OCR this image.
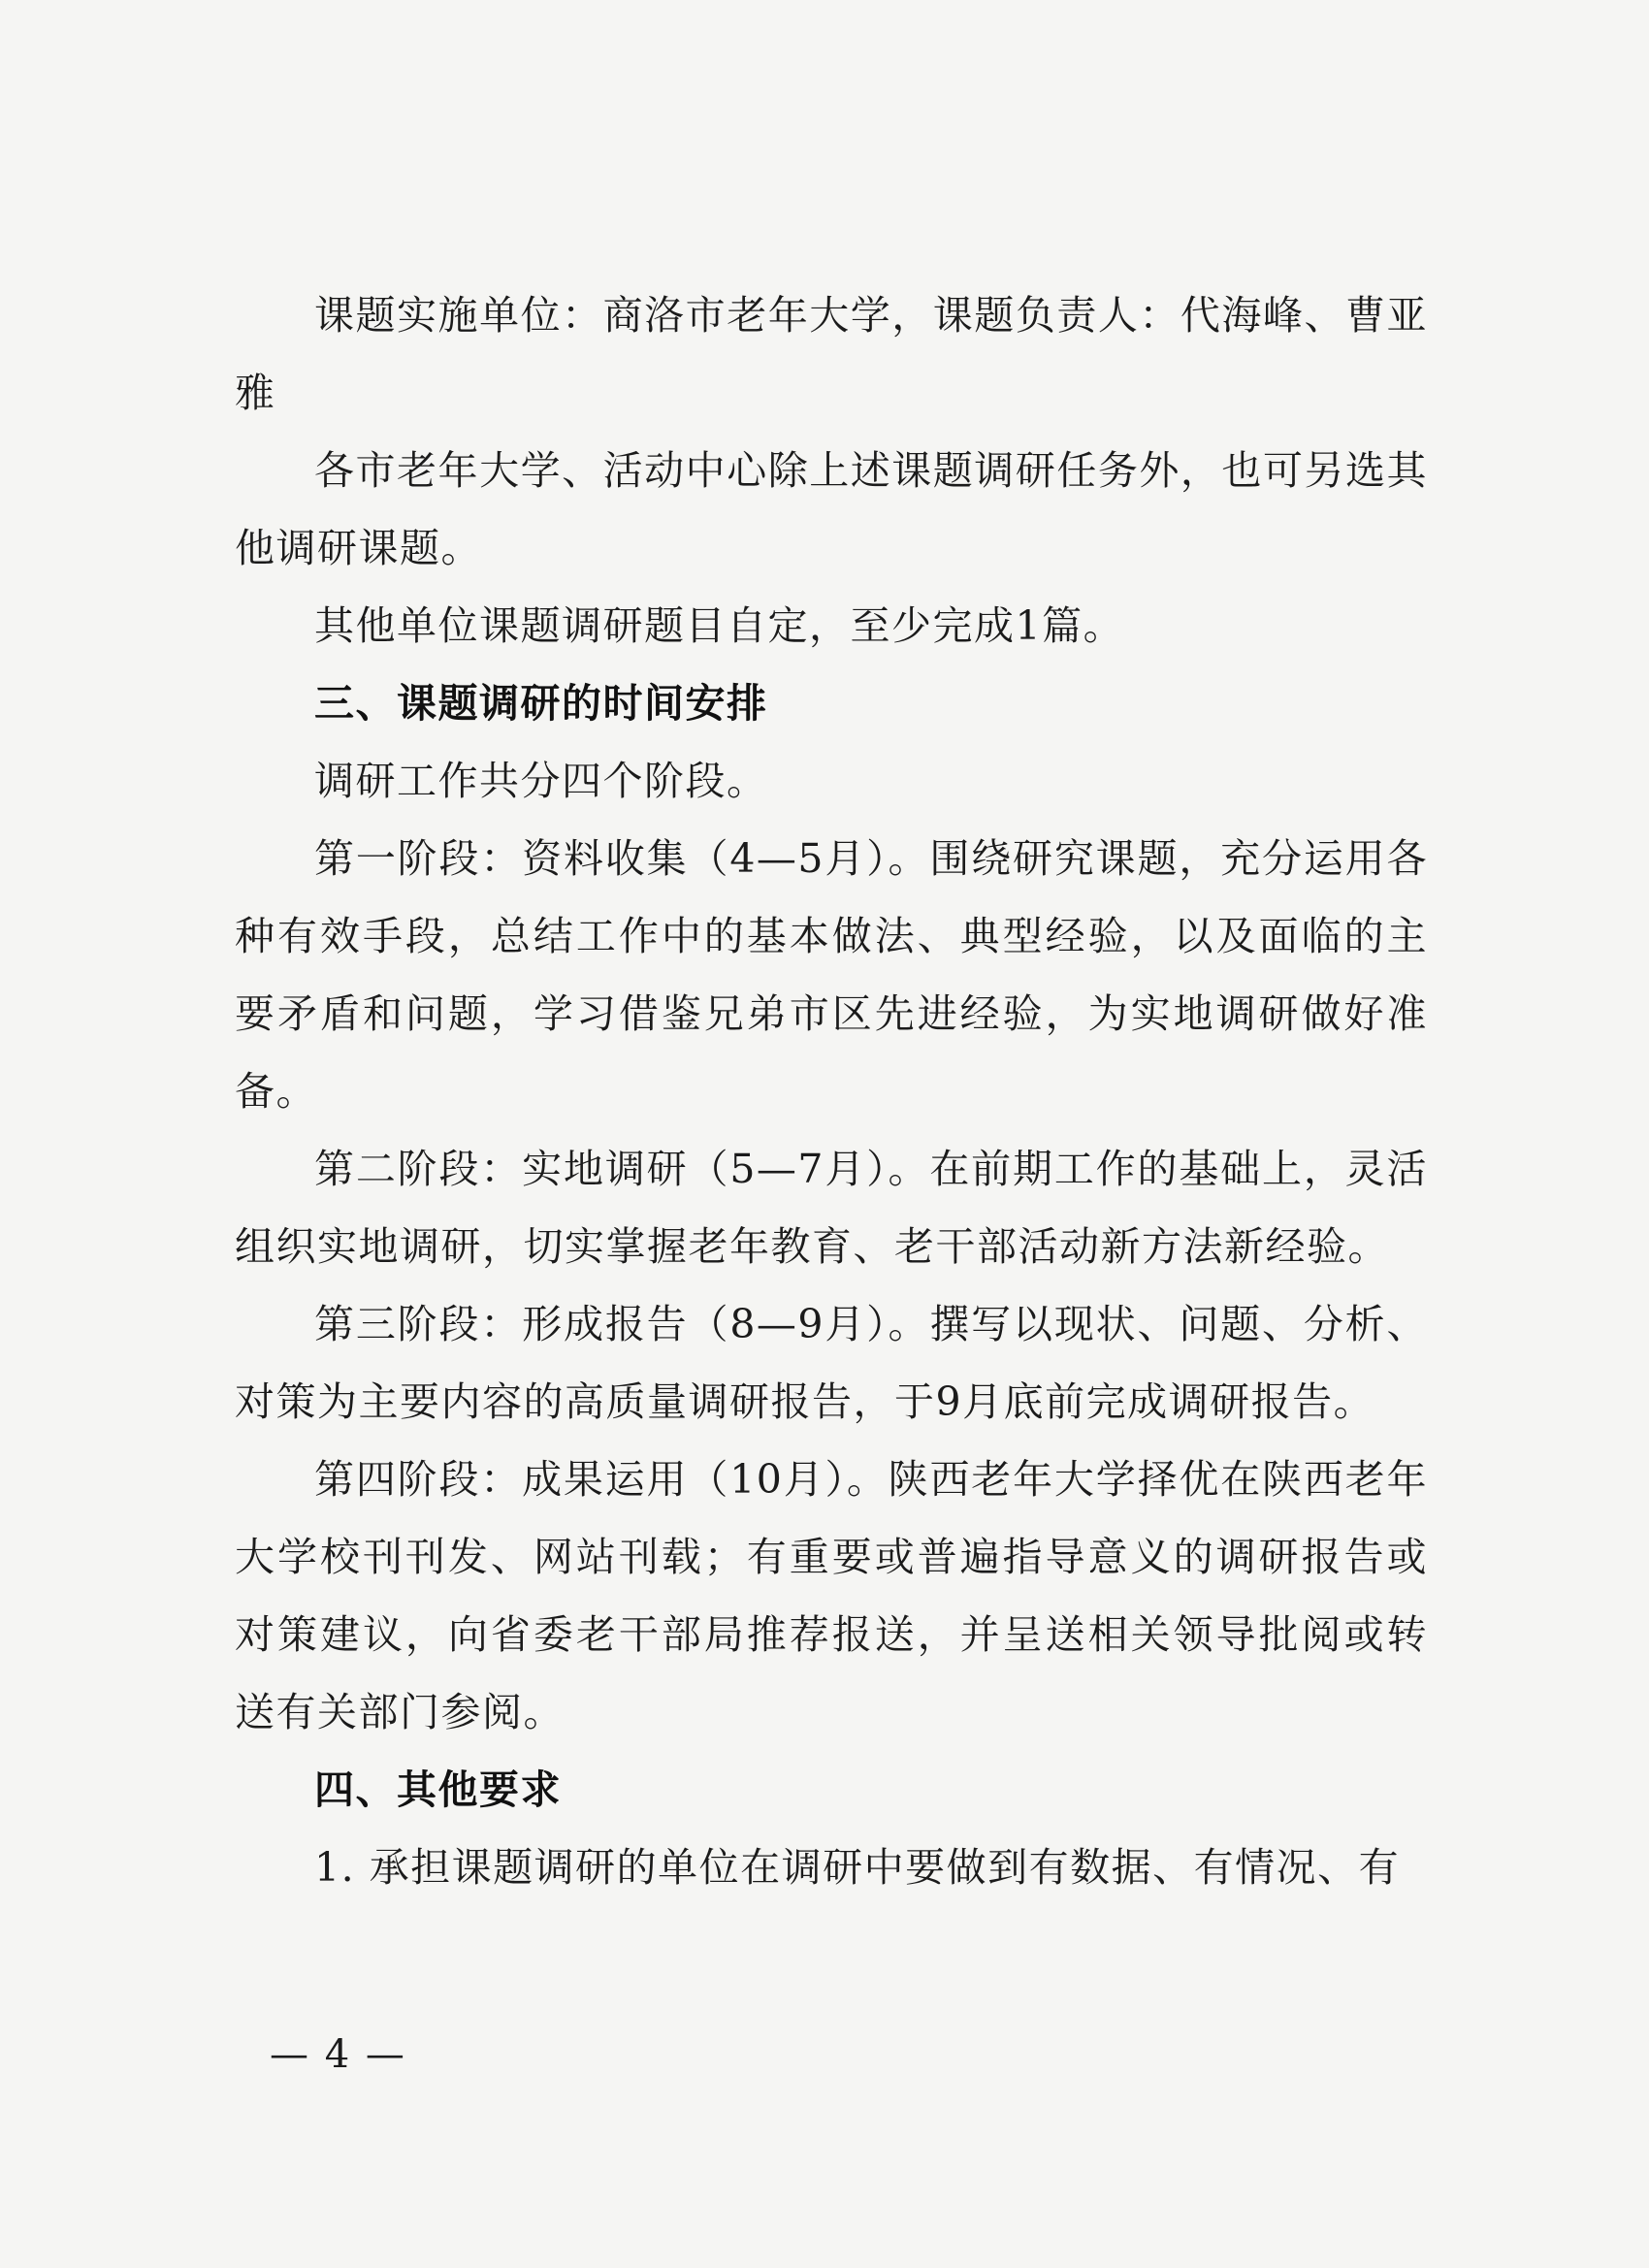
课题实施单位：商洛市老年大学，课题负责人：代海峰、曹亚雅

各市老年大学、活动中心除上述课题调研任务外，也可另选其他调研课题。

其他单位课题调研题目自定，至少完成1篇。

三、课题调研的时间安排

调研工作共分四个阶段。

第一阶段：资料收集（4—5月）。围绕研究课题，充分运用各种有效手段，总结工作中的基本做法、典型经验，以及面临的主要矛盾和问题，学习借鉴兄弟市区先进经验，为实地调研做好准备。

第二阶段：实地调研（5—7月）。在前期工作的基础上，灵活组织实地调研，切实掌握老年教育、老干部活动新方法新经验。

第三阶段：形成报告（8—9月）。撰写以现状、问题、分析、对策为主要内容的高质量调研报告，于9月底前完成调研报告。

第四阶段：成果运用（10月）。陕西老年大学择优在陕西老年大学校刊刊发、网站刊载；有重要或普遍指导意义的调研报告或对策建议，向省委老干部局推荐报送，并呈送相关领导批阅或转送有关部门参阅。

四、其他要求

1. 承担课题调研的单位在调研中要做到有数据、有情况、有

— 4 —
